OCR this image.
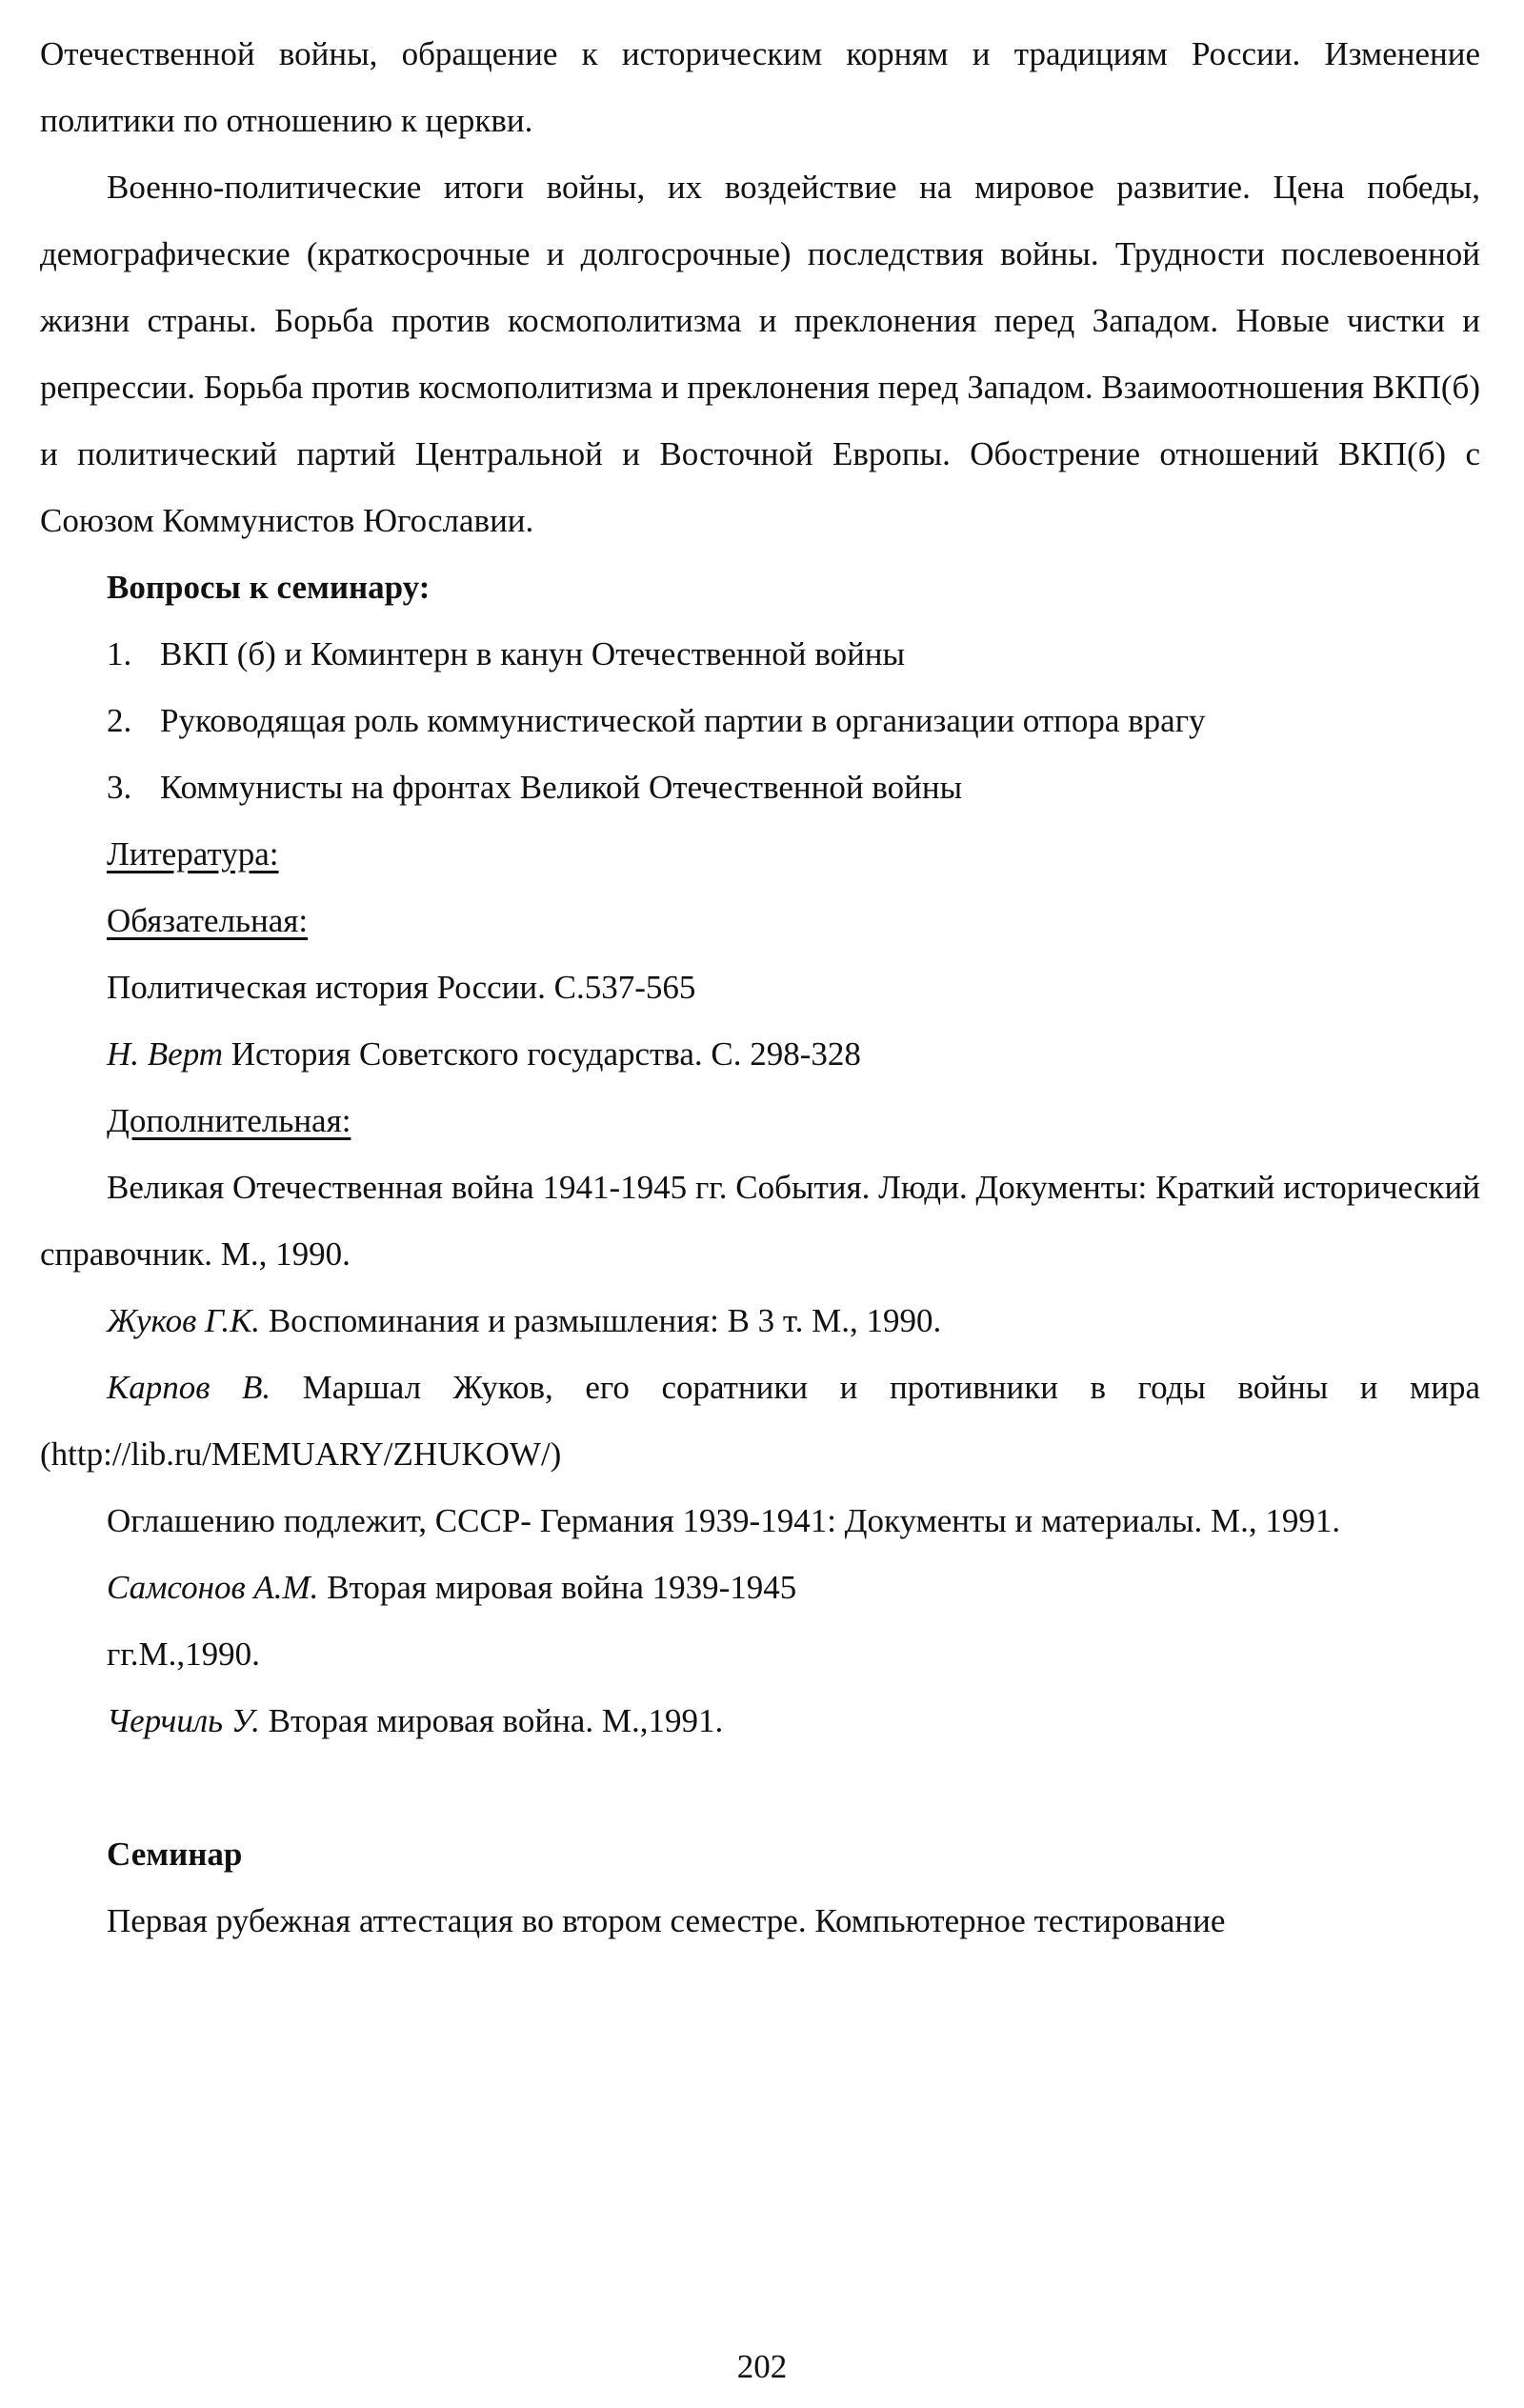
Отечественной войны, обращение к историческим корням и традициям России. Изменение политики по отношению к церкви.

Военно-политические итоги войны, их воздействие на мировое развитие. Цена победы, демографические (краткосрочные и долгосрочные) последствия войны. Трудности послевоенной жизни страны. Борьба против космополитизма и преклонения перед Западом. Новые чистки и репрессии. Борьба против космополитизма и преклонения перед Западом. Взаимоотношения ВКП(б) и политический партий Центральной и Восточной Европы. Обострение отношений ВКП(б) с Союзом Коммунистов Югославии.

Вопросы к семинару:

1. ВКП (б) и Коминтерн в канун Отечественной войны
2. Руководящая роль коммунистической партии в организации отпора врагу
3. Коммунисты на фронтах Великой Отечественной войны

Литература:

Обязательная:

Политическая история России. С.537-565

Н. Верт История Советского государства. С. 298-328

Дополнительная:

Великая Отечественная война 1941-1945 гг. События. Люди. Документы: Краткий исторический справочник. М., 1990.

Жуков Г.К. Воспоминания и размышления: В 3 т. М., 1990.

Карпов В. Маршал Жуков, его соратники и противники в годы войны и мира (http://lib.ru/MEMUARY/ZHUKOW/)

Оглашению подлежит, СССР- Германия 1939-1941: Документы и материалы. М., 1991.

Самсонов А.М. Вторая мировая война 1939-1945

гг.М.,1990.

Черчиль У. Вторая мировая война. М.,1991.

Семинар

Первая рубежная аттестация во втором семестре. Компьютерное тестирование

202
